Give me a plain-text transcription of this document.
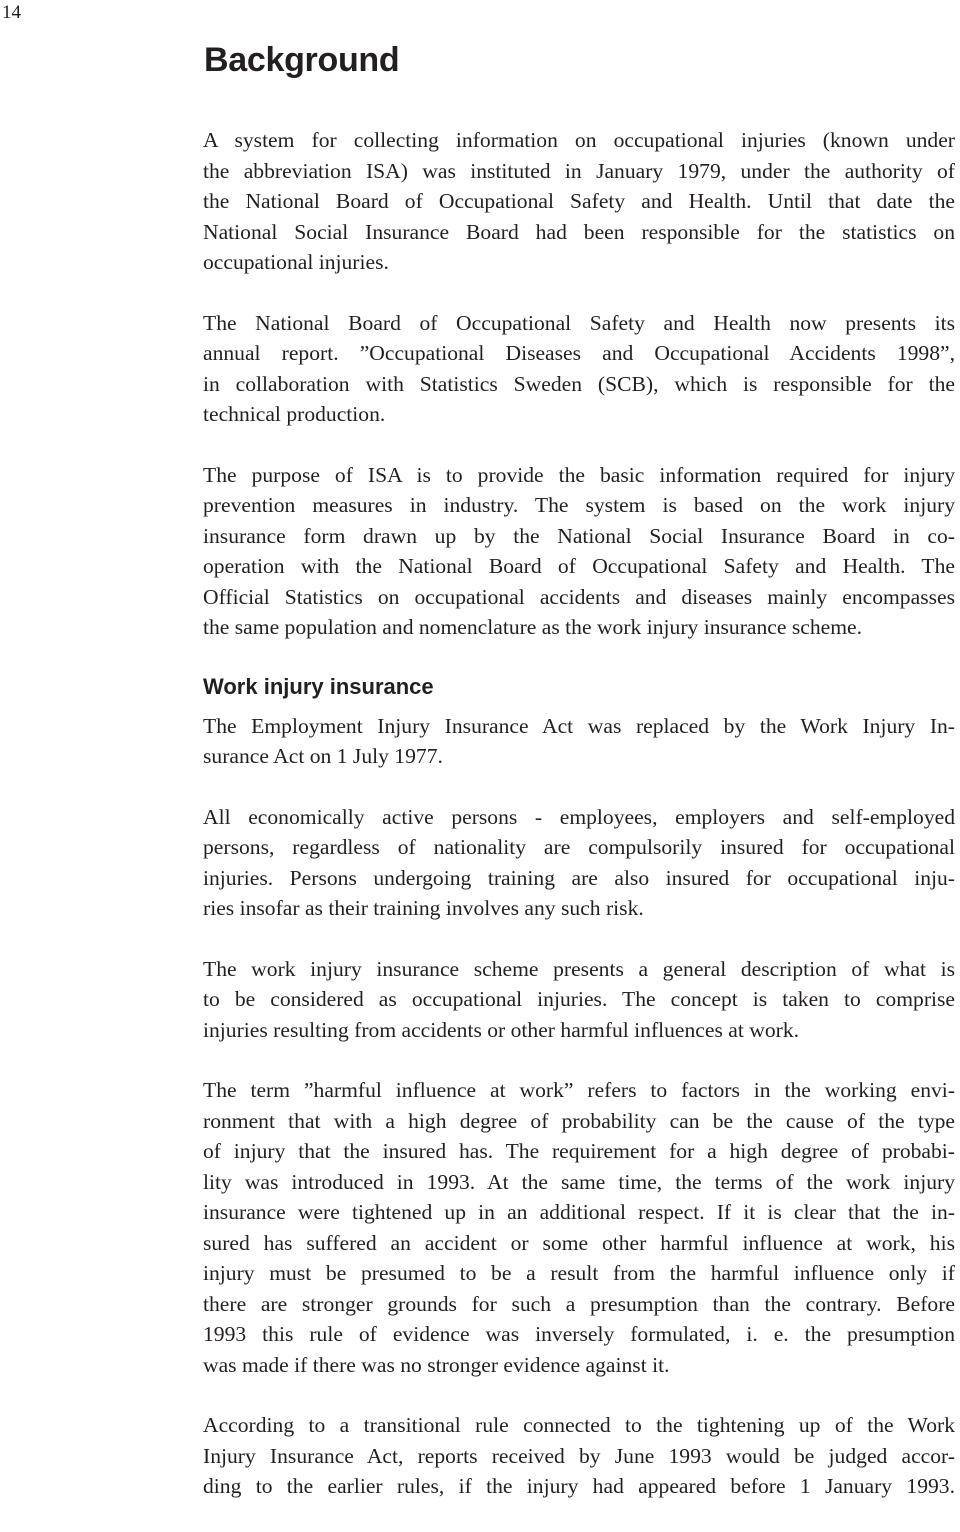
14
Background

A system for collecting information on occupational injuries (known under
the abbreviation ISA) was instituted in January 1979, under the authority of
the National Board of Occupational Safety and Health. Until that date the
National Social Insurance Board had been responsible for the statistics on
occupational injuries.

The National Board of Occupational Safety and Health now presents its
annual report. ”Occupational Diseases and Occupational Accidents 1998”,
in collaboration with Statistics Sweden (SCB), which is responsible for the
technical production.

The purpose of ISA is to provide the basic information required for injury
prevention measures in industry. The system is based on the work injury
insurance form drawn up by the National Social Insurance Board in co-
operation with the National Board of Occupational Safety and Health. The
Official Statistics on occupational accidents and diseases mainly encompasses
the same population and nomenclature as the work injury insurance scheme.

Work injury insurance

The Employment Injury Insurance Act was replaced by the Work Injury In-
surance Act on 1 July 1977.

All economically active persons - employees, employers and self-employed
persons, regardless of nationality are compulsorily insured for occupational
injuries. Persons undergoing training are also insured for occupational inju-
ries insofar as their training involves any such risk.

The work injury insurance scheme presents a general description of what is
to be considered as occupational injuries. The concept is taken to comprise
injuries resulting from accidents or other harmful influences at work.

The term ”harmful influence at work” refers to factors in the working envi-
ronment that with a high degree of probability can be the cause of the type
of injury that the insured has. The requirement for a high degree of probabi-
lity was introduced in 1993. At the same time, the terms of the work injury
insurance were tightened up in an additional respect. If it is clear that the in-
sured has suffered an accident or some other harmful influence at work, his
injury must be presumed to be a result from the harmful influence only if
there are stronger grounds for such a presumption than the contrary. Before
1993 this rule of evidence was inversely formulated, i. e. the presumption
was made if there was no stronger evidence against it.

According to a transitional rule connected to the tightening up of the Work
Injury Insurance Act, reports received by June 1993 would be judged accor-
ding to the earlier rules, if the injury had appeared before 1 January 1993.
